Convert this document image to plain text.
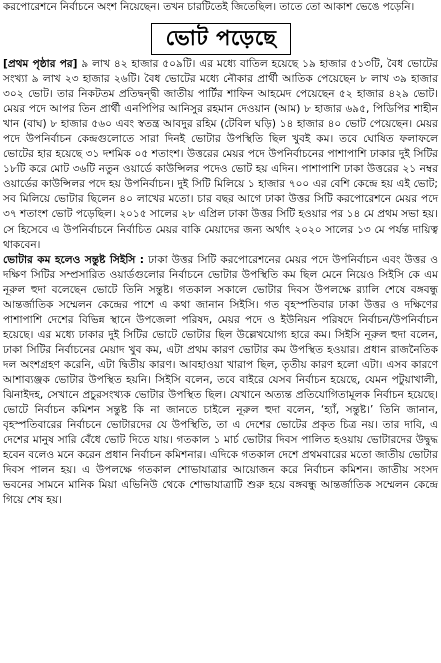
করপোরেশনে নির্বাচনে অংশ নিয়েছেন। তখন চারটিতেই জিতেছিল। তাতে তো আকাশ ভেঙে পড়েনি।
ভোট পড়েছে

[প্রথম পৃষ্ঠার পর] ৯ লাখ ৪২ হাজার ৫০৯টি। এর মধ্যে বাতিল হয়েছে ১৯ হাজার ৫১৩টি, বৈধ ভোটের সংখ্যা ৯ লাখ ২৩ হাজার ২৬টি। বৈধ ভোটের মধ্যে নৌকার প্রার্থী আতিক পেয়েছেন ৮ লাখ ৩৯ হাজার ৩০২ ভোট। তার নিকটতম প্রতিদ্বন্দ্বী জাতীয় পার্টির শাফিন আহমেদ পেয়েছেন ৫২ হাজার ৪২৯ ভোট। মেয়র পদে আপর তিন প্রার্থী এনপিপির আনিসুর রহমান দেওয়ান (আম) ৮ হাজার ৬৯৫, পিডিপির শাহীন খান (বাঘ) ৮ হাজার ৫৬০ এবং স্বতন্ত্র আবদুর রহিম (টেবিল ঘড়ি) ১৪ হাজার ৪০ ভোট পেয়েছেন। মেয়র পদে উপনির্বাচন কেন্দ্রগুলোতে সারা দিনই ভোটার উপস্থিতি ছিল খুবই কম। তবে ঘোষিত ফলাফলে ভোটের হার হয়েছে ৩১ দশমিক ০৫ শতাংশ। উত্তরের মেয়র পদে উপনির্বাচনের পাশাপাশি ঢাকার দুই সিটির ১৮টি করে মোট ৩৬টি নতুন ওয়ার্ডে কাউন্সিলর পদেও ভোট হয় এদিন। পাশাপাশি ঢাকা উত্তরের ২১ নম্বর ওয়ার্ডের কাউন্সিলর পদে হয় উপনির্বাচন। দুই সিটি মিলিয়ে ১ হাজার ৭০০ এর বেশি কেন্দ্রে হয় এই ভোট; সব মিলিয়ে ভোটার ছিলেন ৪০ লাখের মতো। চার বছর আগে ঢাকা উত্তর সিটি করপোরেশনে মেয়র পদে ৩৭ শতাংশ ভোট পড়েছিল। ২০১৫ সালের ২৮ এপ্রিল ঢাকা উত্তর সিটি হওয়ার পর ১৪ মে প্রথম সভা হয়। সে হিসেবে এ উপনির্বাচনে নির্বাচিত মেয়র বাকি মেয়াদের জন্য অর্থাৎ ২০২০ সালের ১৩ মে পর্যন্ত দায়িত্ব থাকবেন।

ভোটার কম হলেও সন্তুষ্ট সিইসি : ঢাকা উত্তর সিটি করপোরেশনের মেয়র পদে উপনির্বাচন এবং উত্তর ও দক্ষিণ সিটির সম্প্রসারিত ওয়ার্ডগুলোর নির্বাচনে ভোটার উপস্থিতি কম ছিল মেনে নিয়েও সিইসি কে এম নূরুল হুদা বলেছেন ভোটে তিনি সন্তুষ্ট। গতকাল সকালে ভোটার দিবস উপলক্ষে র‌্যালি শেষে বঙ্গবন্ধু আন্তর্জাতিক সম্মেলন কেন্দ্রের পাশে এ কথা জানান সিইসি। গত বৃহস্পতিবার ঢাকা উত্তর ও দক্ষিণের পাশাপাশি দেশের বিভিন্ন স্থানে উপজেলা পরিষদ, মেয়র পদে ও ইউনিয়ন পরিষদে নির্বাচন/উপনির্বাচন হয়েছে। এর মধ্যে ঢাকার দুই সিটির ভোটে ভোটার ছিল উল্লেখযোগ্য হারে কম। সিইসি নূরুল হুদা বলেন, ঢাকা সিটির নির্বাচনের মেয়াদ খুব কম, এটা প্রথম কারণ ভোটার কম উপস্থিত হওয়ার। প্রধান রাজনৈতিক দল অংশগ্রহণ করেনি, এটা দ্বিতীয় কারণ। আবহাওয়া খারাপ ছিল, তৃতীয় কারণ হলো এটা। এসব কারণে আশাব্যঞ্জক ভোটার উপস্থিত হয়নি। সিইসি বলেন, তবে বাইরে যেসব নির্বাচন হয়েছে, যেমন পটুয়াখালী, ঝিনাইদহ, সেখানে প্রচুরসংখ্যক ভোটার উপস্থিত ছিল। যেখানে অত্যন্ত প্রতিযোগিতামূলক নির্বাচন হয়েছে। ভোটে নির্বাচন কমিশন সন্তুষ্ট কি না জানতে চাইলে নূরুল হুদা বলেন, ‘হ্যাঁ, সন্তুষ্ট।’ তিনি জানান, বৃহস্পতিবারের নির্বাচনে ভোটারদের যে উপস্থিতি, তা এ দেশের ভোটের প্রকৃত চিত্র নয়। তার দাবি, এ দেশের মানুষ সারি বেঁধে ভোট দিতে যায়। গতকাল ১ মার্চ ভোটার দিবস পালিত হওয়ায় ভোটারদের উদ্বুদ্ধ হবেন বলেও মনে করেন প্রধান নির্বাচন কমিশনার। এদিকে গতকাল দেশে প্রথমবারের মতো জাতীয় ভোটার দিবস পালন হয়। এ উপলক্ষে গতকাল শোভাযাত্রার আয়োজন করে নির্বাচন কমিশন। জাতীয় সংসদ ভবনের সামনে মানিক মিয়া এভিনিউ থেকে শোভাযাত্রাটি শুরু হয়ে বঙ্গবন্ধু আন্তর্জাতিক সম্মেলন কেন্দ্রে গিয়ে শেষ হয়।
